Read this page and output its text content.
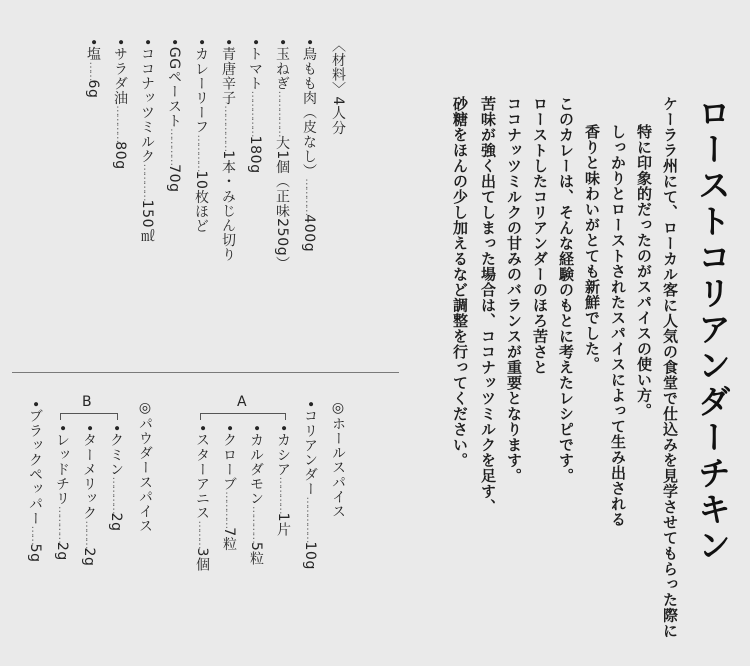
ローストコリアンダーチキン

ケーララ州にて、ローカル客に人気の食堂で仕込みを見学させてもらった際に

特に印象的だったのがスパイスの使い方。

しっかりとローストされたスパイスによって生み出される

香りと味わいがとても新鮮でした。

このカレーは、そんな経験のもとに考えたレシピです。

ローストしたコリアンダーのほろ苦さと

ココナッツミルクの甘みのバランスが重要となります。

苦味が強く出てしまった場合は、ココナッツミルクを足す、

砂糖をほんの少し加えるなど調整を行ってください。

〈材料〉4人分

•鳥もも肉（皮なし）…………400g

•玉ねぎ……………大1個（正味250g）

•トマト……………180g

•青唐辛子……………1本・みじん切り

•カレーリーフ…………10枚ほど

•GGペースト…………70g

•ココナッツミルク…………150㎖

•サラダ油…………80g

•塩……6g

◎ホールスパイス

•コリアンダー……………10g

A

•カシア…………1片

•カルダモン…………5粒

•クローブ…………7粒

•スターアニス………3個

◎パウダースパイス

B

•クミン…………2g

•ターメリック………2g

•レッドチリ…………2g

•ブラックペッパー……5g
